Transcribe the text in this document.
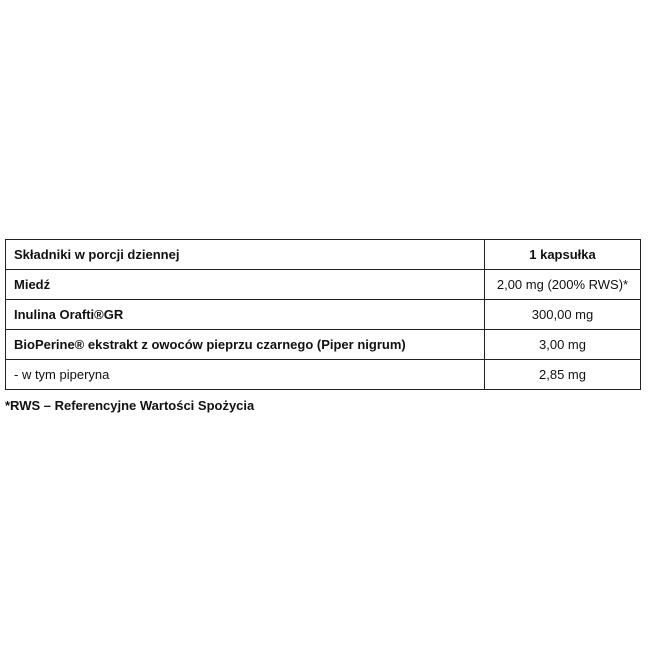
Składniki w porcji dziennej	1 kapsułka
Miedź	2,00 mg (200% RWS)*
Inulina Orafti®GR	300,00 mg
BioPerine® ekstrakt z owoców pieprzu czarnego (Piper nigrum)	3,00 mg
- w tym piperyna	2,85 mg
*RWS – Referencyjne Wartości Spożycia
